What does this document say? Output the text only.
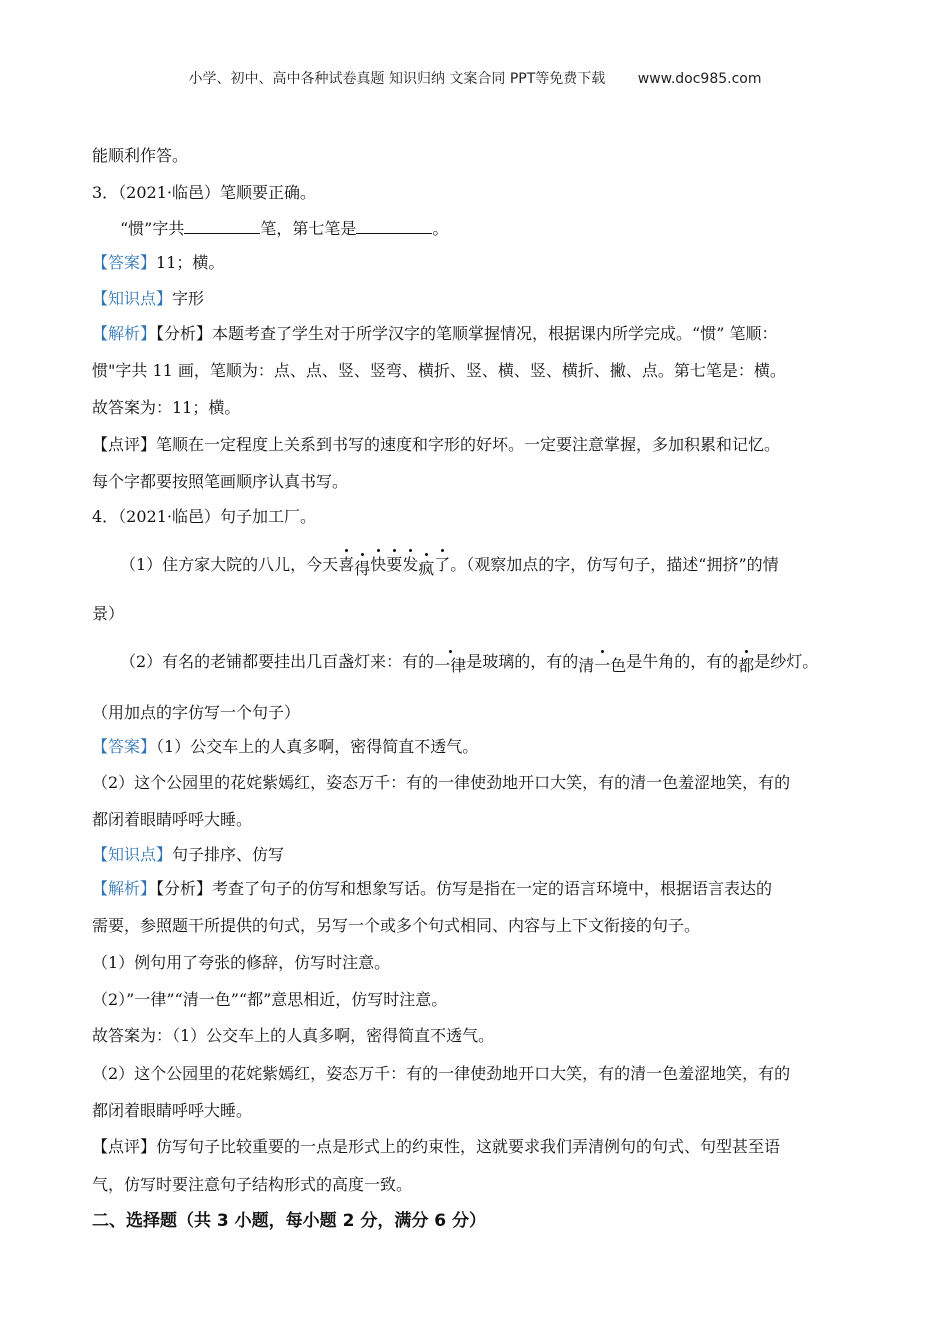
小学、初中、高中各种试卷真题 知识归纳 文案合同 PPT等免费下载 www.doc985.com
能顺利作答。
3．（2021·临邑）笔顺要正确。
“惯”字共	笔，第七笔是	。
【答案】11；横。
【知识点】字形
【解析】【分析】本题考查了学生对于所学汉字的笔顺掌握情况，根据课内所学完成。“惯” 笔顺：
惯"字共 11 画，笔顺为：点、点、竖、竖弯、横折、竖、横、竖、横折、撇、点。第七笔是：横。
故答案为：11；横。
【点评】笔顺在一定程度上关系到书写的速度和字形的好坏。一定要注意掌握，多加积累和记忆。
每个字都要按照笔画顺序认真书写。
4．（2021·临邑）句子加工厂。
（1）住方家大院的八儿，今天喜得快要发疯了。（观察加点的字，仿写句子，描述“拥挤”的情
景）
（2）有名的老铺都要挂出几百盏灯来：有的一律是玻璃的，有的清一色是牛角的，有的都是纱灯。
（用加点的字仿写一个句子）
【答案】（1）公交车上的人真多啊，密得简直不透气。
（2）这个公园里的花姹紫嫣红，姿态万千：有的一律使劲地开口大笑，有的清一色羞涩地笑，有的
都闭着眼睛呼呼大睡。
【知识点】句子排序、仿写
【解析】【分析】考查了句子的仿写和想象写话。仿写是指在一定的语言环境中，根据语言表达的
需要，参照题干所提供的句式，另写一个或多个句式相同、内容与上下文衔接的句子。
（1）例句用了夸张的修辞，仿写时注意。
（2）”一律”“清一色”“都”意思相近，仿写时注意。
故答案为：（1）公交车上的人真多啊，密得简直不透气。
（2）这个公园里的花姹紫嫣红，姿态万千：有的一律使劲地开口大笑，有的清一色羞涩地笑，有的
都闭着眼睛呼呼大睡。
【点评】仿写句子比较重要的一点是形式上的约束性，这就要求我们弄清例句的句式、句型甚至语
气，仿写时要注意句子结构形式的高度一致。
二、选择题（共 3 小题，每小题 2 分，满分 6 分）
